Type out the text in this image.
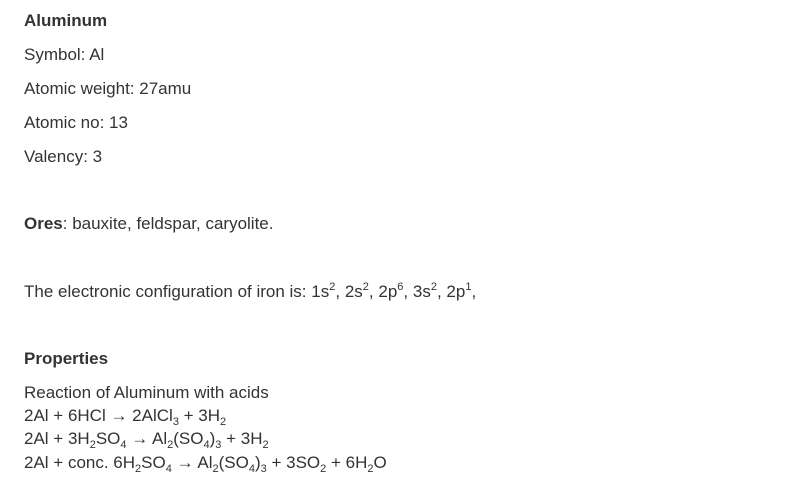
Aluminum
Symbol: Al
Atomic weight: 27amu
Atomic no: 13
Valency: 3
Ores: bauxite, feldspar, caryolite.
The electronic configuration of iron is: $1s^2$, $2s^2$, $2p^6$, $3s^2$, $2p^1$,
Properties
Reaction of Aluminum with acids
2Al + 6HCl → 2AlCl$_3$ + $3H_2$
$2Al + 3H_2SO_4 \to Al_2(SO_4)_3 + 3H_2$
2Al + conc. $6H_2SO_4 \to Al_2(SO_4)_3 + 3SO_2 + 6H_2O$
